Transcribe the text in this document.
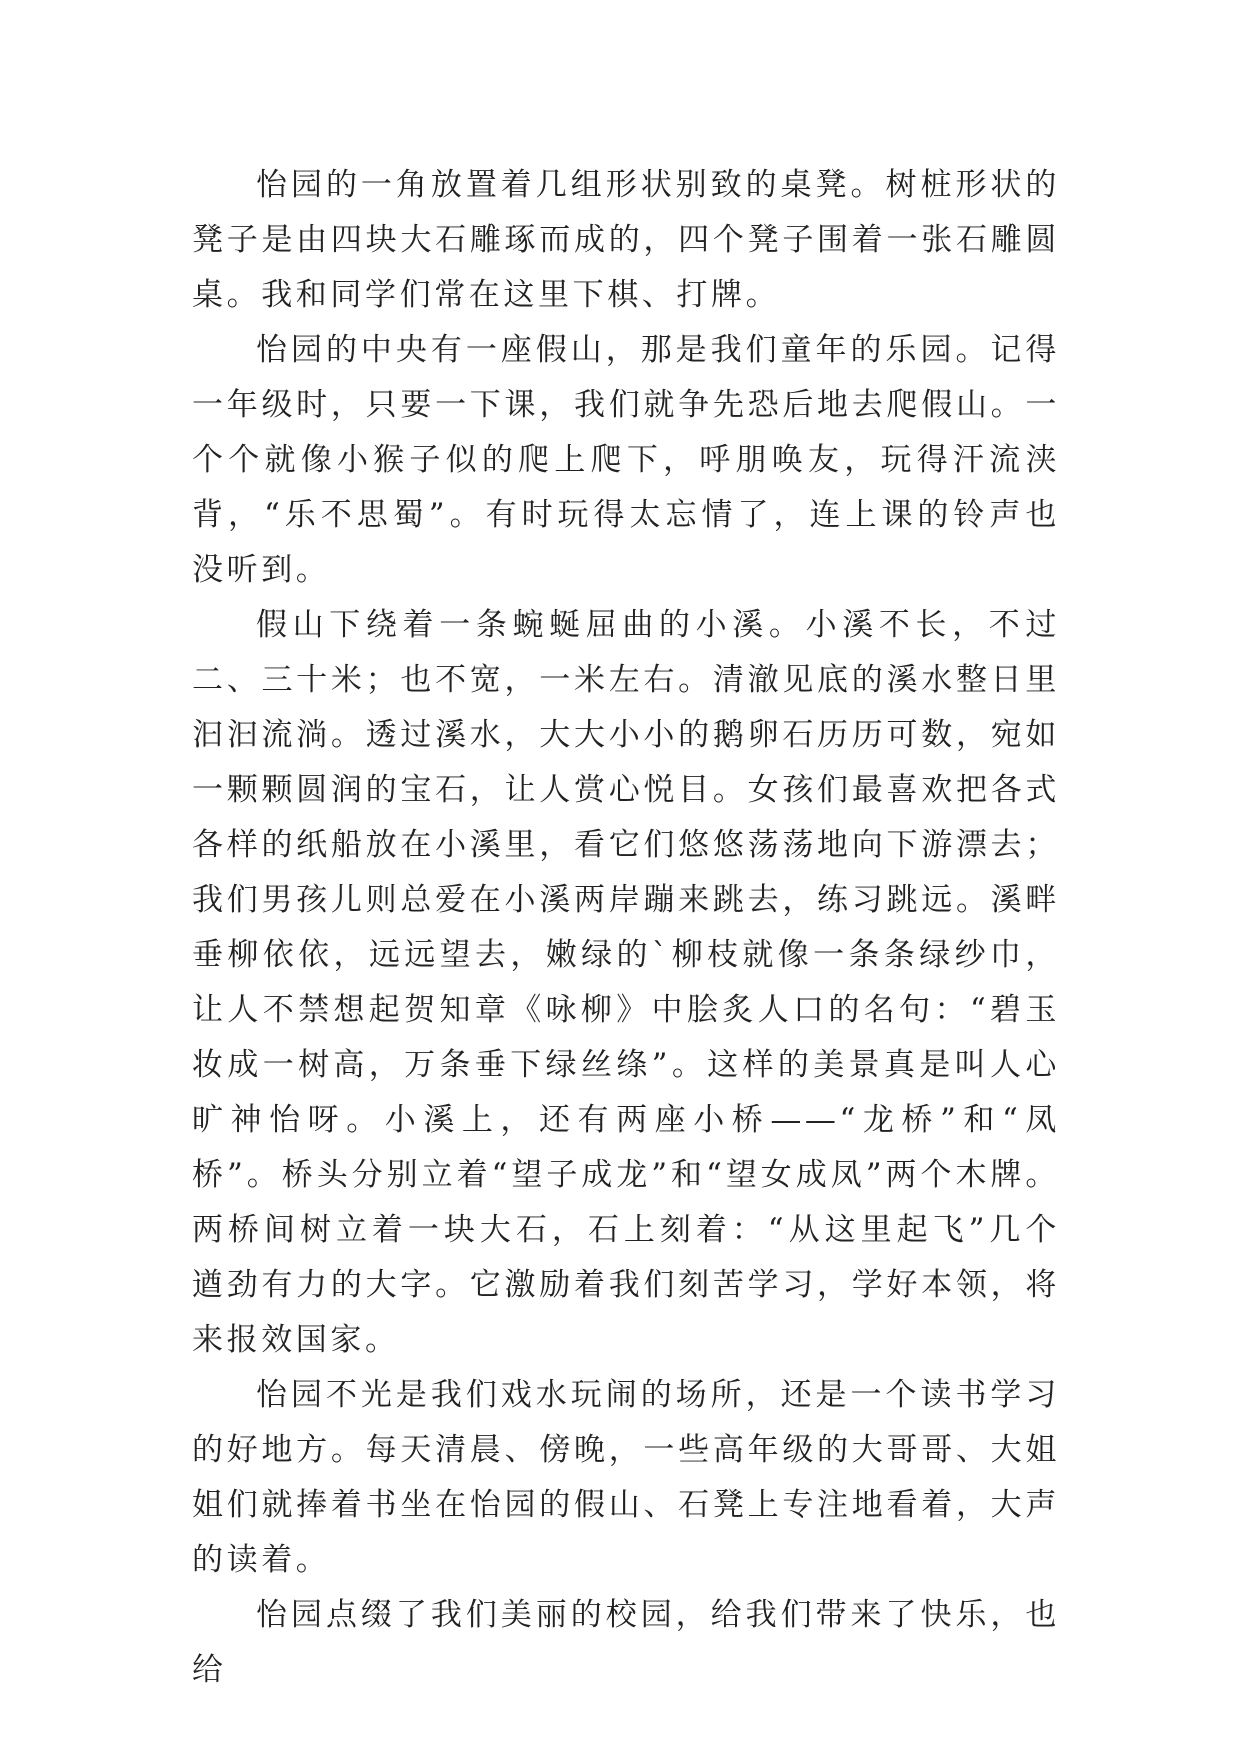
怡园的一角放置着几组形状别致的桌凳。树桩形状的凳子是由四块大石雕琢而成的，四个凳子围着一张石雕圆桌。我和同学们常在这里下棋、打牌。

怡园的中央有一座假山，那是我们童年的乐园。记得一年级时，只要一下课，我们就争先恐后地去爬假山。一个个就像小猴子似的爬上爬下，呼朋唤友，玩得汗流浃背，“乐不思蜀”。有时玩得太忘情了，连上课的铃声也没听到。

假山下绕着一条蜿蜒屈曲的小溪。小溪不长，不过二、三十米；也不宽，一米左右。清澈见底的溪水整日里汩汩流淌。透过溪水，大大小小的鹅卵石历历可数，宛如一颗颗圆润的宝石，让人赏心悦目。女孩们最喜欢把各式各样的纸船放在小溪里，看它们悠悠荡荡地向下游漂去；我们男孩儿则总爱在小溪两岸蹦来跳去，练习跳远。溪畔垂柳依依，远远望去，嫩绿的`柳枝就像一条条绿纱巾，让人不禁想起贺知章《咏柳》中脍炙人口的名句：“碧玉妆成一树高，万条垂下绿丝绦”。这样的美景真是叫人心旷神怡呀。小溪上，还有两座小桥——“龙桥”和“凤桥”。桥头分别立着“望子成龙”和“望女成凤”两个木牌。两桥间树立着一块大石，石上刻着：“从这里起飞”几个遒劲有力的大字。它激励着我们刻苦学习，学好本领，将来报效国家。

怡园不光是我们戏水玩闹的场所，还是一个读书学习的好地方。每天清晨、傍晚，一些高年级的大哥哥、大姐姐们就捧着书坐在怡园的假山、石凳上专注地看着，大声的读着。

怡园点缀了我们美丽的校园，给我们带来了快乐，也给
